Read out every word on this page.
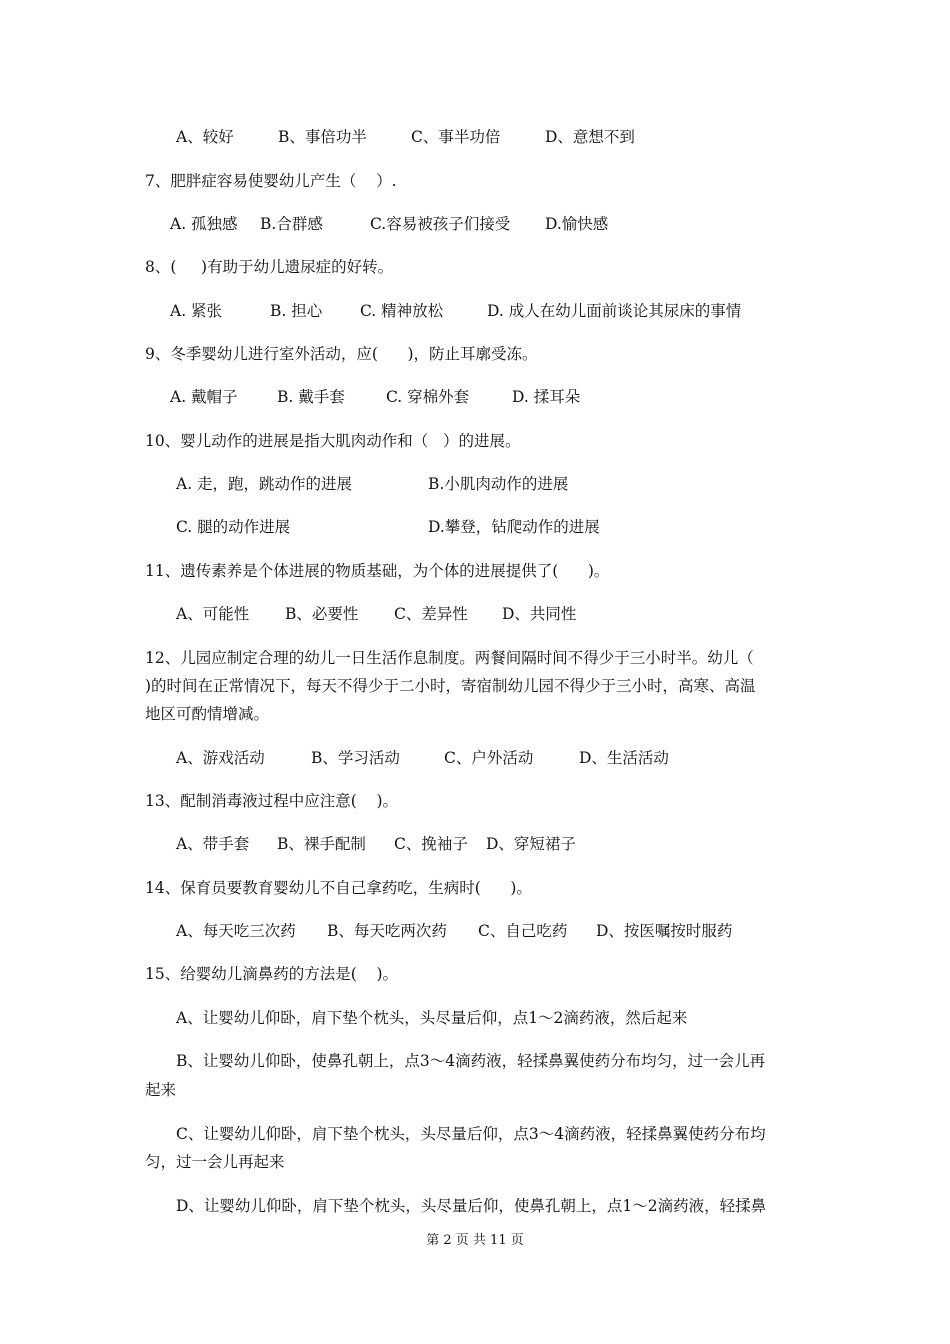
A、较好	B、事倍功半	C、事半功倍	D、意想不到
7、肥胖症容易使婴幼儿产生（    ）.
A. 孤独感 B.合群感	C.容易被孩子们接受 D.愉快感
8、(     )有助于幼儿遗尿症的好转。
A. 紧张	B. 担心 C. 精神放松	D. 成人在幼儿面前谈论其尿床的事情
9、冬季婴幼儿进行室外活动，应(      )，防止耳廓受冻。
A. 戴帽子	B. 戴手套	C. 穿棉外套	D. 揉耳朵
10、婴儿动作的进展是指大肌肉动作和（   ）的进展。
A. 走，跑，跳动作的进展	B.小肌肉动作的进展
C. 腿的动作进展	D.攀登，钻爬动作的进展
11、遗传素养是个体进展的物质基础，为个体的进展提供了(      )。
A、可能性 B、必要性 C、差异性 D、共同性
12、儿园应制定合理的幼儿一日生活作息制度。两餐间隔时间不得少于三小时半。幼儿（
)的时间在正常情况下，每天不得少于二小时，寄宿制幼儿园不得少于三小时，高寒、高温
地区可酌情增减。
A、游戏活动	B、学习活动	C、户外活动	D、生活活动
13、配制消毒液过程中应注意(    )。
A、带手套 B、裸手配制 C、挽袖子 D、穿短裙子
14、保育员要教育婴幼儿不自己拿药吃，生病时(      )。
A、每天吃三次药 B、每天吃两次药 C、自己吃药 D、按医嘱按时服药
15、给婴幼儿滴鼻药的方法是(    )。
A、让婴幼儿仰卧，肩下垫个枕头，头尽量后仰，点1～2滴药液，然后起来
B、让婴幼儿仰卧，使鼻孔朝上，点3～4滴药液，轻揉鼻翼使药分布均匀，过一会儿再
起来
C、让婴幼儿仰卧，肩下垫个枕头，头尽量后仰，点3～4滴药液，轻揉鼻翼使药分布均
匀，过一会儿再起来
D、让婴幼儿仰卧，肩下垫个枕头，头尽量后仰，使鼻孔朝上，点1～2滴药液，轻揉鼻
第 2 页 共 11 页
